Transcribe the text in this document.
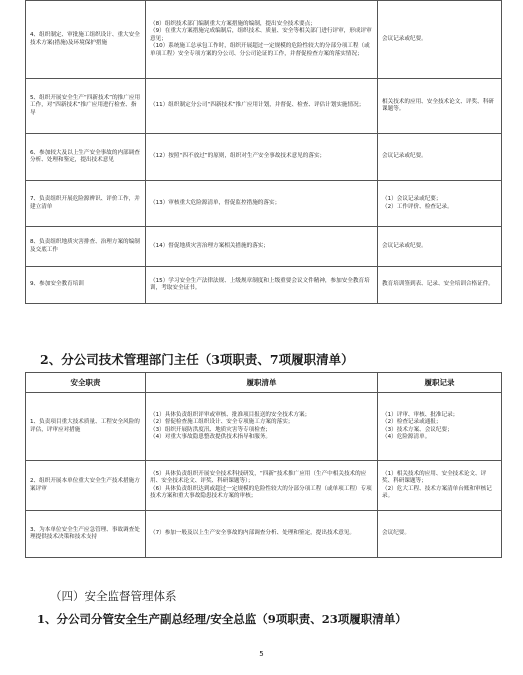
4、组织制定、审批施工组织设计、重大安全技术方案(措施)及环境保护措施	（8）组织技术部门编制重大方案措施的编制，提出安全技术要点；
（9）在重大方案措施完成编制后，组织技术、质量、安全等相关部门进行评审，形成评审意见；
（10）系统施工总承包工作时，组织开展超过一定规模的危险性较大的分部分项工程（或单项工程）安全专项方案的分公司、分公司论证的工作，并督促检查方案的落实情况；	会议记录或纪要。
5、组织开展安全生产“四新技术”的推广应用工作，对“四新技术”推广应用进行检查、指导	（11）组织制定分公司“四新技术”推广应用计划，并督促、检查、评估计划实施情况；	相关技术的应用、安全技术论文、评奖、科研课题等。
6、参加较大及以上生产安全事故的内部调查分析、处理和鉴定，提出技术意见	（12）按照“四不放过”的原则，组织对生产安全事故技术意见的落实；	会议记录或纪要。
7、负责组织开展危险源辨识、评价工作，并建立清单	（13）审核重大危险源清单，督促监控措施的落实；	（1）会议记录或纪要；
（2）工作评价、检查记录。

8、负责组织地质灾害排查、治理方案的编制及交底工作	（14）督促地质灾害治理方案相关措施的落实；	会议记录或纪要。
9、参加安全教育培训	（15）学习安全生产法律法规、上级规章制度和上级重要会议文件精神，参加安全教育培训，考取安全证书。	教育培训签到表、记录、安全培训合格证件。
2、分公司技术管理部门主任（3项职责、7项履职清单）
安全职责	履职清单	履职记录
1、负责项目重大技术质量、工程安全风险的评估，评审应对措施	（1）具体负责组织评审或审核、批准项目报送的安全技术方案；
（2）督促检查施工组织设计、安全专项施工方案的落实；
（3）组织开展防洪度汛、地质灾害等专项检查；
（4）对重大事故隐患整改提供技术指导和服务。	（1）评审、审核、批准记录；
（2）检查记录或通报；
（3）技术方案、会议纪要；
（4）危险源清单。

2、组织开展本单位重大安全生产技术措施方案评审	（5）具体负责组织开展安全技术科技研发，“四新”技术推广应用（生产中相关技术的应用、安全技术论文、评奖、科研课题等）；
（6）具体负责组织达到或超过一定规模的危险性较大的分部分项工程（或单项工程）专项技术方案和重大事故隐患技术方案的审核；	（1）相关技术的应用、安全技术论文、评奖、科研课题等；
（2）危大工程、技术方案清单台账和审核记录。

3、为本单位安全生产应急管理、事故调查处理提供技术决策和技术支持	（7）参加一般及以上生产安全事故的内部调查分析、处理和鉴定，提出技术意见。	会议纪要。
（四）安全监督管理体系
1、分公司分管安全生产副总经理/安全总监（9项职责、23项履职清单）
5
